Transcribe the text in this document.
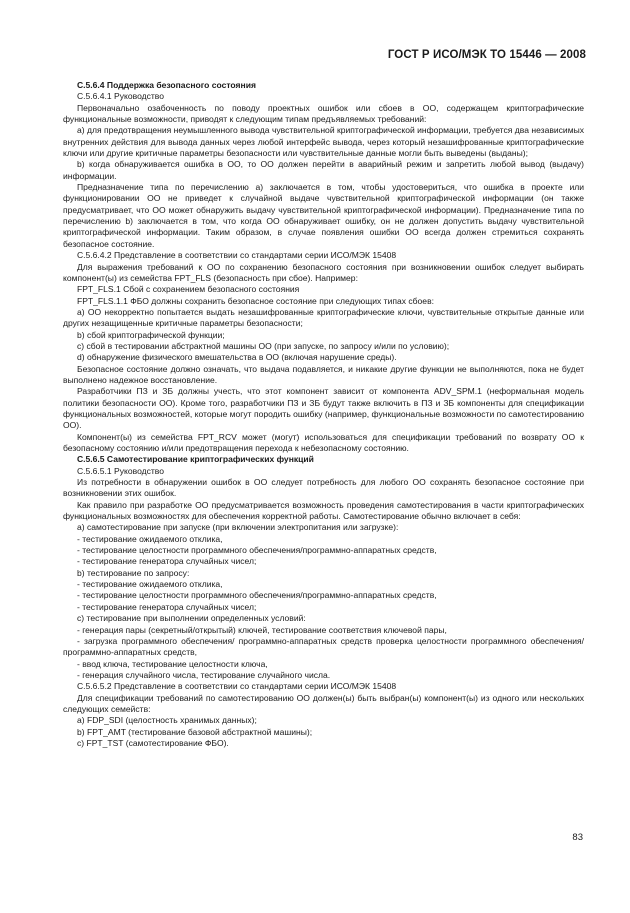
ГОСТ Р ИСО/МЭК ТО 15446 — 2008

С.5.6.4 Поддержка безопасного состояния

С.5.6.4.1 Руководство

Первоначально озабоченность по поводу проектных ошибок или сбоев в ОО, содержащем криптографические функциональные возможности, приводят к следующим типам предъявляемых требований:

а) для предотвращения неумышленного вывода чувствительной криптографической информации, требуется два независимых внутренних действия для вывода данных через любой интерфейс вывода, через который незашифрованные криптографические ключи или другие критичные параметры безопасности или чувствительные данные могли быть выведены (выданы);

b) когда обнаруживается ошибка в ОО, то ОО должен перейти в аварийный режим и запретить любой вывод (выдачу) информации.

Предназначение типа по перечислению а) заключается в том, чтобы удостовериться, что ошибка в проекте или функционировании ОО не приведет к случайной выдаче чувствительной криптографической информации (он также предусматривает, что ОО может обнаружить выдачу чувствительной криптографической информации). Предназначение типа по перечислению b) заключается в том, что когда ОО обнаруживает ошибку, он не должен допустить выдачу чувствительной криптографической информации. Таким образом, в случае появления ошибки ОО всегда должен стремиться сохранять безопасное состояние.

С.5.6.4.2 Представление в соответствии со стандартами серии ИСО/МЭК 15408

Для выражения требований к ОО по сохранению безопасного состояния при возникновении ошибок следует выбирать компонент(ы) из семейства FPT_FLS (безопасность при сбое). Например:

FPT_FLS.1 Сбой с сохранением безопасного состояния

FPT_FLS.1.1 ФБО должны сохранить безопасное состояние при следующих типах сбоев:

а) ОО некорректно попытается выдать незашифрованные криптографические ключи, чувствительные открытые данные или других незащищенные критичные параметры безопасности;

b) сбой криптографической функции;

с) сбой в тестировании абстрактной машины ОО (при запуске, по запросу и/или по условию);

d) обнаружение физического вмешательства в ОО (включая нарушение среды).

Безопасное состояние должно означать, что выдача подавляется, и никакие другие функции не выполняются, пока не будет выполнено надежное восстановление.

Разработчики ПЗ и ЗБ должны учесть, что этот компонент зависит от компонента ADV_SPM.1 (неформальная модель политики безопасности ОО). Кроме того, разработчики ПЗ и ЗБ будут также включить в ПЗ и ЗБ компоненты для спецификации функциональных возможностей, которые могут породить ошибку (например, функциональные возможности по самотестированию ОО).

Компонент(ы) из семейства FPT_RCV может (могут) использоваться для спецификации требований по возврату ОО к безопасному состоянию и/или предотвращения перехода к небезопасному состоянию.

С.5.6.5 Самотестирование криптографических функций

С.5.6.5.1 Руководство

Из потребности в обнаружении ошибок в ОО следует потребность для любого ОО сохранять безопасное состояние при возникновении этих ошибок.

Как правило при разработке ОО предусматривается возможность проведения самотестирования в части криптографических функциональных возможностях для обеспечения корректной работы. Самотестирование обычно включает в себя:

а) самотестирование при запуске (при включении электропитания или загрузке):

- тестирование ожидаемого отклика,

- тестирование целостности программного обеспечения/программно-аппаратных средств,

- тестирование генератора случайных чисел;

b) тестирование по запросу:

- тестирование ожидаемого отклика,

- тестирование целостности программного обеспечения/программно-аппаратных средств,

- тестирование генератора случайных чисел;

с) тестирование при выполнении определенных условий:

- генерация пары (секретный/открытый) ключей, тестирование соответствия ключевой пары,

- загрузка программного обеспечения/ программно-аппаратных средств проверка целостности программного обеспечения/программно-аппаратных средств,

- ввод ключа, тестирование целостности ключа,

- генерация случайного числа, тестирование случайного числа.

С.5.6.5.2 Представление в соответствии со стандартами серии ИСО/МЭК 15408

Для спецификации требований по самотестированию ОО должен(ы) быть выбран(ы) компонент(ы) из одного или нескольких следующих семейств:

а) FDP_SDI (целостность хранимых данных);

b) FPT_AMT (тестирование базовой абстрактной машины);

с) FPT_TST (самотестирование ФБО).

83
